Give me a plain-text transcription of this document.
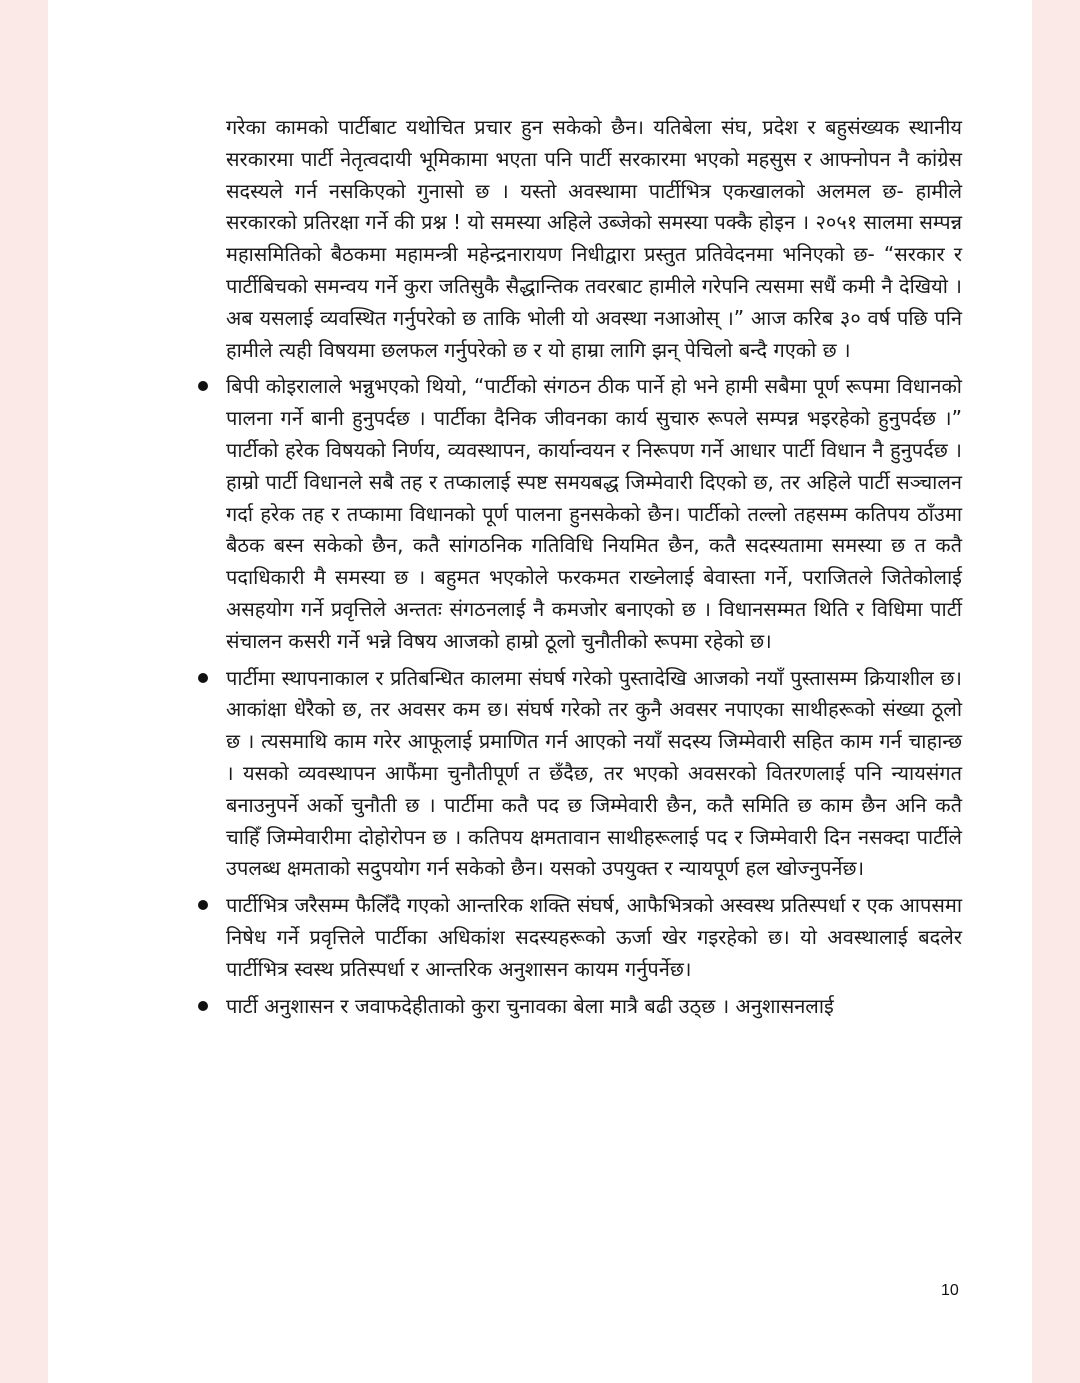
गरेका कामको पार्टीबाट यथोचित प्रचार हुन सकेको छैन। यतिबेला संघ, प्रदेश र बहुसंख्यक स्थानीय सरकारमा पार्टी नेतृत्वदायी भूमिकामा भएता पनि पार्टी सरकारमा भएको महसुस र आफ्नोपन नै कांग्रेस सदस्यले गर्न नसकिएको गुनासो छ । यस्तो अवस्थामा पार्टीभित्र एकखालको अलमल छ- हामीले सरकारको प्रतिरक्षा गर्ने की प्रश्न ! यो समस्या अहिले उब्जेको समस्या पक्कै होइन । २०५१ सालमा सम्पन्न महासमितिको बैठकमा महामन्त्री महेन्द्रनारायण निधीद्वारा प्रस्तुत प्रतिवेदनमा भनिएको छ- “सरकार र पार्टीबिचको समन्वय गर्ने कुरा जतिसुकै सैद्धान्तिक तवरबाट हामीले गरेपनि त्यसमा सधैं कमी नै देखियो । अब यसलाई व्यवस्थित गर्नुपरेको छ ताकि भोली यो अवस्था नआओस् ।” आज करिब ३० वर्ष पछि पनि हामीले त्यही विषयमा छलफल गर्नुपरेको छ र यो हाम्रा लागि झन् पेचिलो बन्दै गएको छ ।

बिपी कोइरालाले भन्नुभएको थियो, “पार्टीको संगठन ठीक पार्ने हो भने हामी सबैमा पूर्ण रूपमा विधानको पालना गर्ने बानी हुनुपर्दछ । पार्टीका दैनिक जीवनका कार्य सुचारु रूपले सम्पन्न भइरहेको हुनुपर्दछ ।” पार्टीको हरेक विषयको निर्णय, व्यवस्थापन, कार्यान्वयन र निरूपण गर्ने आधार पार्टी विधान नै हुनुपर्दछ । हाम्रो पार्टी विधानले सबै तह र तप्कालाई स्पष्ट समयबद्ध जिम्मेवारी दिएको छ, तर अहिले पार्टी सञ्चालन गर्दा हरेक तह र तप्कामा विधानको पूर्ण पालना हुनसकेको छैन। पार्टीको तल्लो तहसम्म कतिपय ठाँउमा बैठक बस्न सकेको छैन, कतै सांगठनिक गतिविधि नियमित छैन, कतै सदस्यतामा समस्या छ त कतै पदाधिकारी मै समस्या छ । बहुमत भएकोले फरकमत राख्नेलाई बेवास्ता गर्ने, पराजितले जितेकोलाई असहयोग गर्ने प्रवृत्तिले अन्ततः संगठनलाई नै कमजोर बनाएको छ । विधानसम्मत थिति र विधिमा पार्टी संचालन कसरी गर्ने भन्ने विषय आजको हाम्रो ठूलो चुनौतीको रूपमा रहेको छ।
पार्टीमा स्थापनाकाल र प्रतिबन्धित कालमा संघर्ष गरेको पुस्तादेखि आजको नयाँ पुस्तासम्म क्रियाशील छ। आकांक्षा धेरैको छ, तर अवसर कम छ। संघर्ष गरेको तर कुनै अवसर नपाएका साथीहरूको संख्या ठूलो छ । त्यसमाथि काम गरेर आफूलाई प्रमाणित गर्न आएको नयाँ सदस्य जिम्मेवारी सहित काम गर्न चाहान्छ । यसको व्यवस्थापन आफैंमा चुनौतीपूर्ण त छँदैछ, तर भएको अवसरको वितरणलाई पनि न्यायसंगत बनाउनुपर्ने अर्को चुनौती छ । पार्टीमा कतै पद छ जिम्मेवारी छैन, कतै समिति छ काम छैन अनि कतै चाहिँ जिम्मेवारीमा दोहोरोपन छ । कतिपय क्षमतावान साथीहरूलाई पद र जिम्मेवारी दिन नसक्दा पार्टीले उपलब्ध क्षमताको सदुपयोग गर्न सकेको छैन। यसको उपयुक्त र न्यायपूर्ण हल खोज्नुपर्नेछ।
पार्टीभित्र जरैसम्म फैलिँदै गएको आन्तरिक शक्ति संघर्ष, आफैभित्रको अस्वस्थ प्रतिस्पर्धा र एक आपसमा निषेध गर्ने प्रवृत्तिले पार्टीका अधिकांश सदस्यहरूको ऊर्जा खेर गइरहेको छ। यो अवस्थालाई बदलेर पार्टीभित्र स्वस्थ प्रतिस्पर्धा र आन्तरिक अनुशासन कायम गर्नुपर्नेछ।
पार्टी अनुशासन र जवाफदेहीताको कुरा चुनावका बेला मात्रै बढी उठ्छ । अनुशासनलाई
10
